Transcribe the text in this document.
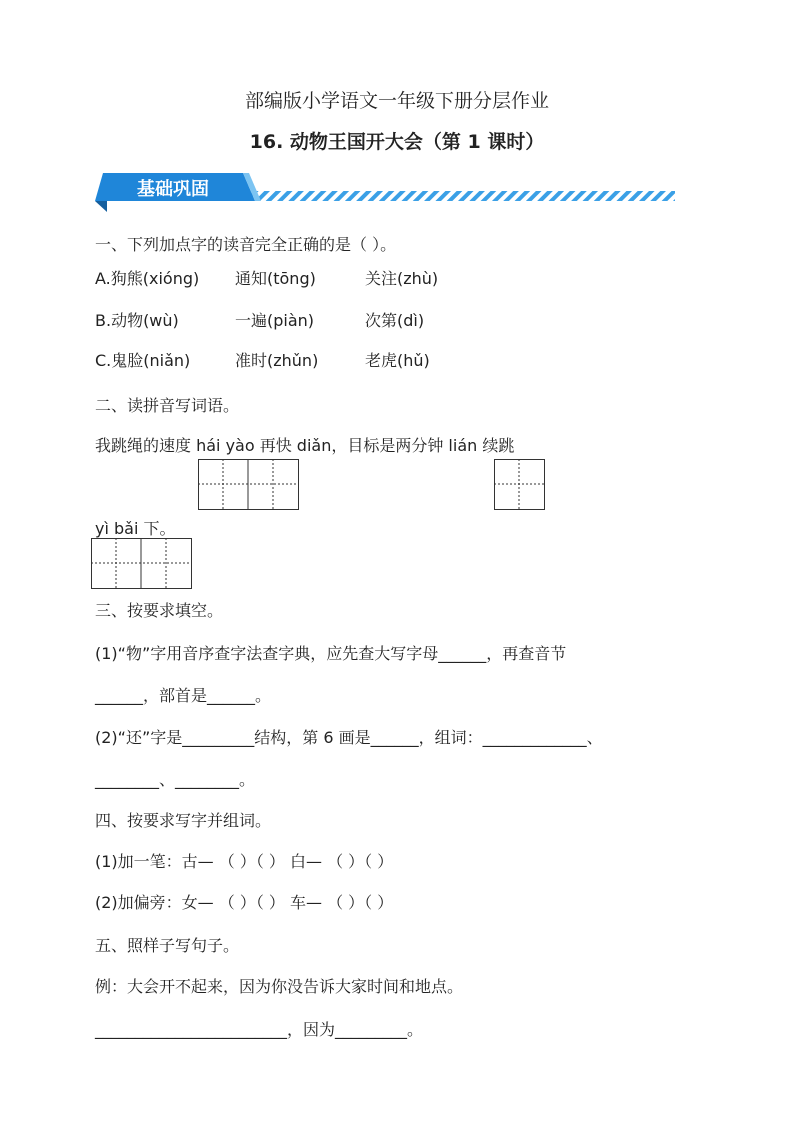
部编版小学语文一年级下册分层作业
16. 动物王国开大会（第 1 课时）
基础巩固
一、下列加点字的读音完全正确的是（ ）。
A.狗熊(xióng) 通知(tōng)	关注(zhù)
B.动物(wù)	一遍(piàn)	次第(dì)
C.鬼脸(niǎn)	准时(zhǔn)	老虎(hǔ)
二、读拼音写词语。
我跳绳的速度 hái yào 再快 diǎn，目标是两分钟 lián 续跳
yì bǎi 下。
三、按要求填空。
(1)“物”字用音序查字法查字典，应先查大写字母______，再查音节
______，部首是______。
(2)“还”字是_________结构，第 6 画是______，组词：_____________、
________、________。
四、按要求写字并组词。
(1)加一笔：古— （ ）（ ） 白— （ ）（ ）
(2)加偏旁：女— （ ）（ ） 车— （ ）（ ）
五、照样子写句子。
例：大会开不起来，因为你没告诉大家时间和地点。
________________________，因为_________。
